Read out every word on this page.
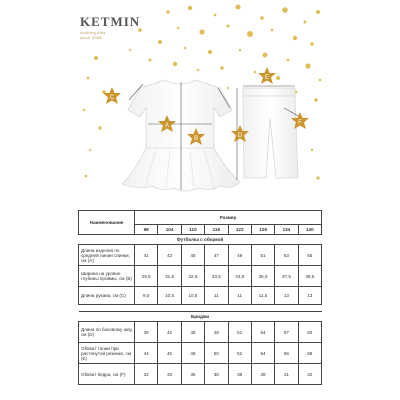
KETMIN
clothing kids
since 2008
A
B
C
D
E
F
Наименование	Размер							
	98	104	110	116	122	128	134	140
Футболка с оборкой								
Длина изделия по средней линии спинки, см (A)	41	43	45	47	49	51	53	55
Ширина на уровне глубины проймы, см (B)	29,5	31,5	32,5	33,5	34,5	35,5	37,5	39,5
Длина рукава, см (C)	9,5	10,5	10,5	11	11	11,5	13	13

Бриджи								
Длина по боковому шву, см (D)	39	42	45	48	51	54	57	60
Обхват талии при растянутой резинке, см (E)	44	46	48	50	52	54	56	58
Обхват бедра, см (F)	32	33	35	36	38	39	41	42
